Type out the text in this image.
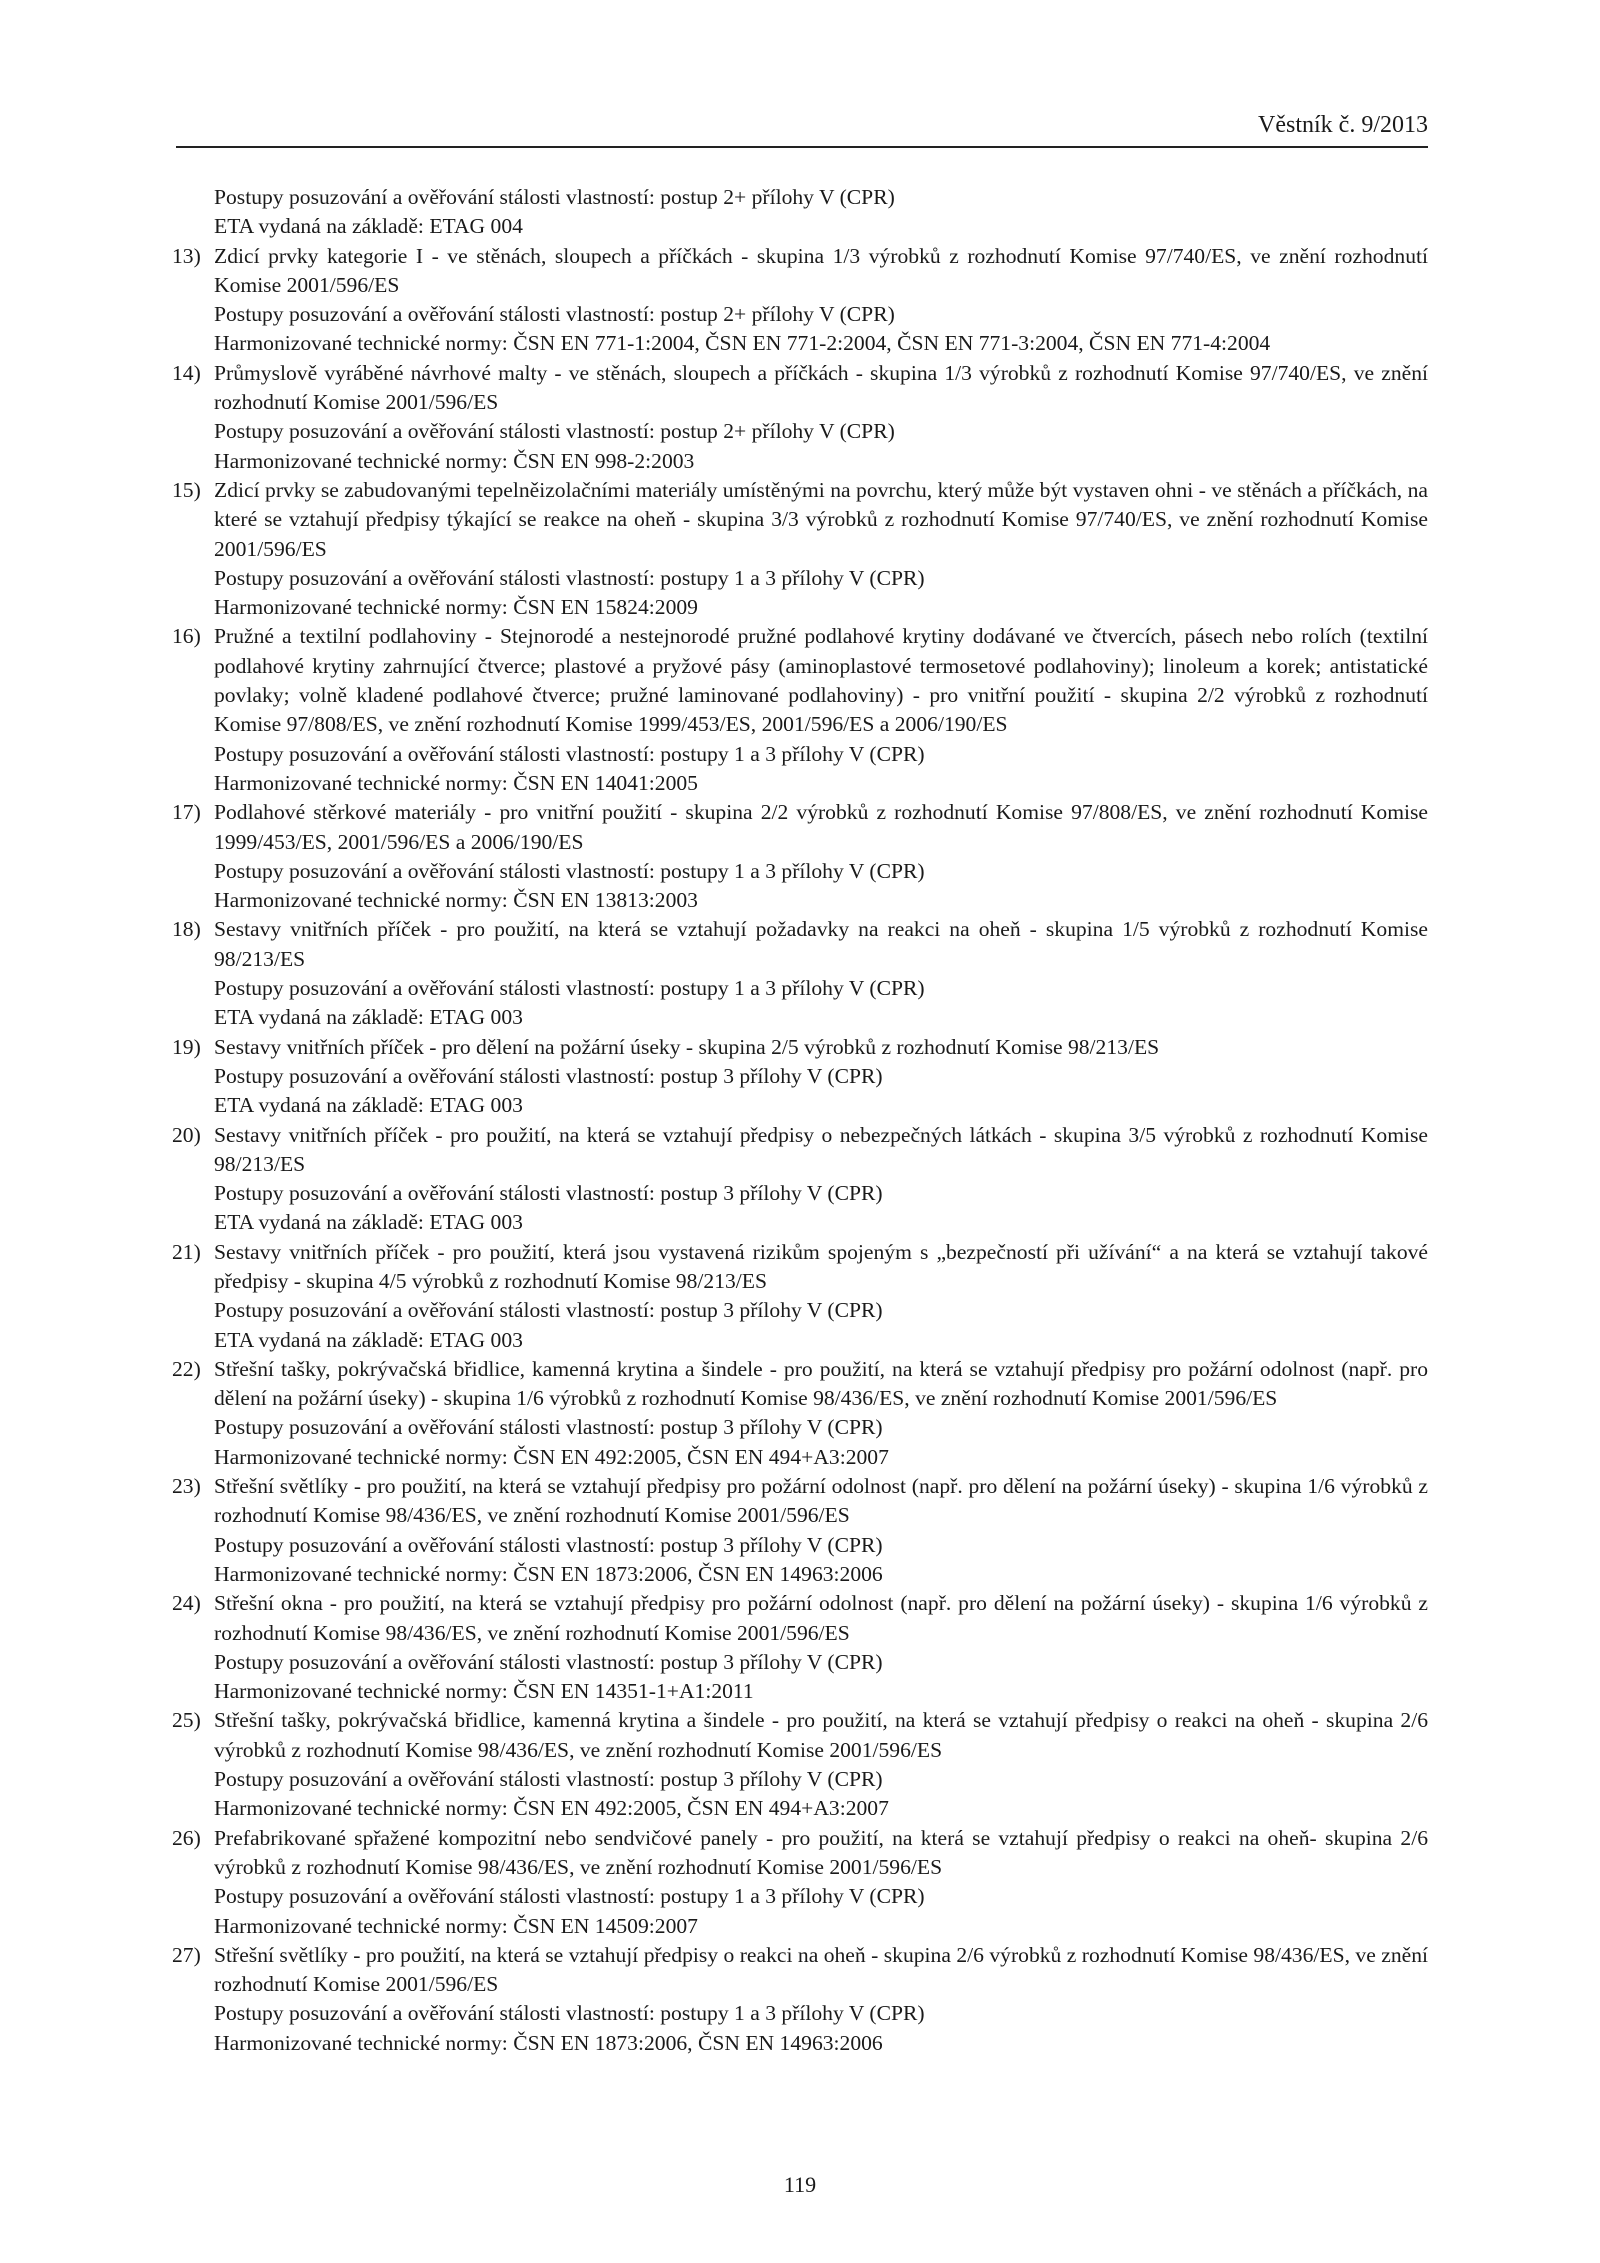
Věstník č. 9/2013

Postupy posuzování a ověřování stálosti vlastností: postup 2+ přílohy V (CPR)

ETA vydaná na základě: ETAG 004

13) Zdicí prvky kategorie I - ve stěnách, sloupech a příčkách - skupina 1/3 výrobků z rozhodnutí Komise 97/740/ES, ve znění rozhodnutí Komise 2001/596/ES

Postupy posuzování a ověřování stálosti vlastností: postup 2+ přílohy V (CPR)

Harmonizované technické normy: ČSN EN 771-1:2004, ČSN EN 771-2:2004, ČSN EN 771-3:2004, ČSN EN 771-4:2004

14) Průmyslově vyráběné návrhové malty - ve stěnách, sloupech a příčkách - skupina 1/3 výrobků z rozhodnutí Komise 97/740/ES, ve znění rozhodnutí Komise 2001/596/ES

Postupy posuzování a ověřování stálosti vlastností: postup 2+ přílohy V (CPR)

Harmonizované technické normy: ČSN EN 998-2:2003

15) Zdicí prvky se zabudovanými tepelněizolačními materiály umístěnými na povrchu, který může být vystaven ohni - ve stěnách a příčkách, na které se vztahují předpisy týkající se reakce na oheň - skupina 3/3 výrobků z rozhodnutí Komise 97/740/ES, ve znění rozhodnutí Komise 2001/596/ES

Postupy posuzování a ověřování stálosti vlastností: postupy 1 a 3 přílohy V (CPR)

Harmonizované technické normy: ČSN EN 15824:2009

16) Pružné a textilní podlahoviny - Stejnorodé a nestejnorodé pružné podlahové krytiny dodávané ve čtvercích, pásech nebo rolích (textilní podlahové krytiny zahrnující čtverce; plastové a pryžové pásy (aminoplastové termosetové podlahoviny); linoleum a korek; antistatické povlaky; volně kladené podlahové čtverce; pružné laminované podlahoviny) - pro vnitřní použití - skupina 2/2 výrobků z rozhodnutí Komise 97/808/ES, ve znění rozhodnutí Komise 1999/453/ES, 2001/596/ES a 2006/190/ES

Postupy posuzování a ověřování stálosti vlastností: postupy 1 a 3 přílohy V (CPR)

Harmonizované technické normy: ČSN EN 14041:2005

17) Podlahové stěrkové materiály - pro vnitřní použití - skupina 2/2 výrobků z rozhodnutí Komise 97/808/ES, ve znění rozhodnutí Komise 1999/453/ES, 2001/596/ES a 2006/190/ES

Postupy posuzování a ověřování stálosti vlastností: postupy 1 a 3 přílohy V (CPR)

Harmonizované technické normy: ČSN EN 13813:2003

18) Sestavy vnitřních příček - pro použití, na která se vztahují požadavky na reakci na oheň - skupina 1/5 výrobků z rozhodnutí Komise 98/213/ES

Postupy posuzování a ověřování stálosti vlastností: postupy 1 a 3 přílohy V (CPR)

ETA vydaná na základě: ETAG 003

19) Sestavy vnitřních příček - pro dělení na požární úseky - skupina 2/5 výrobků z rozhodnutí Komise 98/213/ES

Postupy posuzování a ověřování stálosti vlastností: postup 3 přílohy V (CPR)

ETA vydaná na základě: ETAG 003

20) Sestavy vnitřních příček - pro použití, na která se vztahují předpisy o nebezpečných látkách - skupina 3/5 výrobků z rozhodnutí Komise 98/213/ES

Postupy posuzování a ověřování stálosti vlastností: postup 3 přílohy V (CPR)

ETA vydaná na základě: ETAG 003

21) Sestavy vnitřních příček - pro použití, která jsou vystavená rizikům spojeným s „bezpečností při užívání“ a na která se vztahují takové předpisy - skupina 4/5 výrobků z rozhodnutí Komise 98/213/ES

Postupy posuzování a ověřování stálosti vlastností: postup 3 přílohy V (CPR)

ETA vydaná na základě: ETAG 003

22) Střešní tašky, pokrývačská břidlice, kamenná krytina a šindele - pro použití, na která se vztahují předpisy pro požární odolnost (např. pro dělení na požární úseky) - skupina 1/6 výrobků z rozhodnutí Komise 98/436/ES, ve znění rozhodnutí Komise 2001/596/ES

Postupy posuzování a ověřování stálosti vlastností: postup 3 přílohy V (CPR)

Harmonizované technické normy: ČSN EN 492:2005, ČSN EN 494+A3:2007

23) Střešní světlíky - pro použití, na která se vztahují předpisy pro požární odolnost (např. pro dělení na požární úseky) - skupina 1/6 výrobků z rozhodnutí Komise 98/436/ES, ve znění rozhodnutí Komise 2001/596/ES

Postupy posuzování a ověřování stálosti vlastností: postup 3 přílohy V (CPR)

Harmonizované technické normy: ČSN EN 1873:2006, ČSN EN 14963:2006

24) Střešní okna - pro použití, na která se vztahují předpisy pro požární odolnost (např. pro dělení na požární úseky) - skupina 1/6 výrobků z rozhodnutí Komise 98/436/ES, ve znění rozhodnutí Komise 2001/596/ES

Postupy posuzování a ověřování stálosti vlastností: postup 3 přílohy V (CPR)

Harmonizované technické normy: ČSN EN 14351-1+A1:2011

25) Střešní tašky, pokrývačská břidlice, kamenná krytina a šindele - pro použití, na která se vztahují předpisy o reakci na oheň - skupina 2/6 výrobků z rozhodnutí Komise 98/436/ES, ve znění rozhodnutí Komise 2001/596/ES

Postupy posuzování a ověřování stálosti vlastností: postup 3 přílohy V (CPR)

Harmonizované technické normy: ČSN EN 492:2005, ČSN EN 494+A3:2007

26) Prefabrikované spřažené kompozitní nebo sendvičové panely - pro použití, na která se vztahují předpisy o reakci na oheň- skupina 2/6 výrobků z rozhodnutí Komise 98/436/ES, ve znění rozhodnutí Komise 2001/596/ES

Postupy posuzování a ověřování stálosti vlastností: postupy 1 a 3 přílohy V (CPR)

Harmonizované technické normy: ČSN EN 14509:2007

27) Střešní světlíky - pro použití, na která se vztahují předpisy o reakci na oheň - skupina 2/6 výrobků z rozhodnutí Komise 98/436/ES, ve znění rozhodnutí Komise 2001/596/ES

Postupy posuzování a ověřování stálosti vlastností: postupy 1 a 3 přílohy V (CPR)

Harmonizované technické normy: ČSN EN 1873:2006, ČSN EN 14963:2006

119
